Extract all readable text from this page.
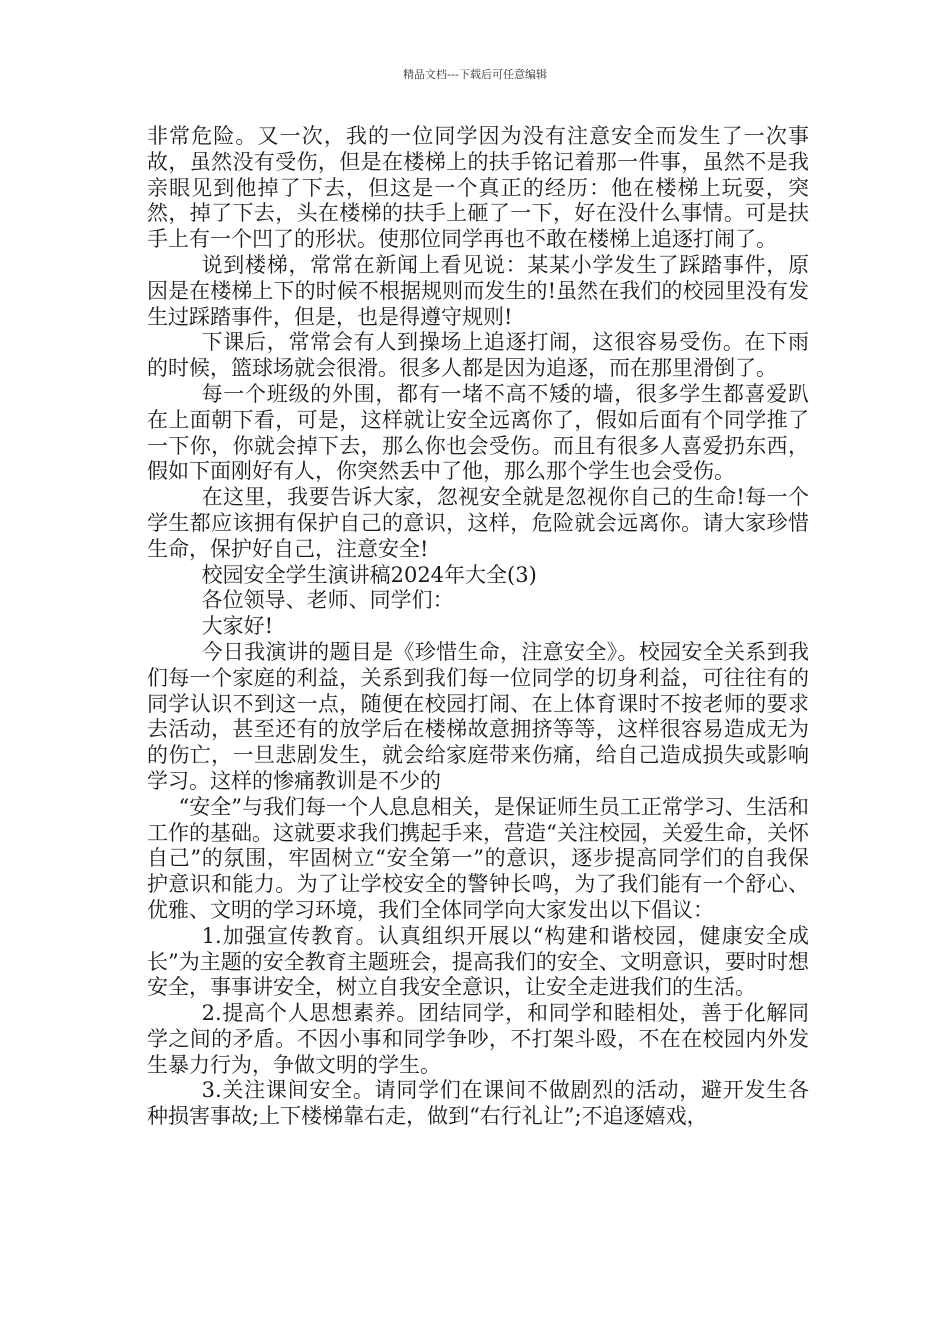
精品文档---下载后可任意编辑

非常危险。又一次，我的一位同学因为没有注意安全而发生了一次事故，虽然没有受伤，但是在楼梯上的扶手铭记着那一件事，虽然不是我亲眼见到他掉了下去，但这是一个真正的经历：他在楼梯上玩耍，突然，掉了下去，头在楼梯的扶手上砸了一下，好在没什么事情。可是扶手上有一个凹了的形状。使那位同学再也不敢在楼梯上追逐打闹了。

说到楼梯，常常在新闻上看见说：某某小学发生了踩踏事件，原因是在楼梯上下的时候不根据规则而发生的!虽然在我们的校园里没有发生过踩踏事件，但是，也是得遵守规则!

下课后，常常会有人到操场上追逐打闹，这很容易受伤。在下雨的时候，篮球场就会很滑。很多人都是因为追逐，而在那里滑倒了。

每一个班级的外围，都有一堵不高不矮的墙，很多学生都喜爱趴在上面朝下看，可是，这样就让安全远离你了，假如后面有个同学推了一下你，你就会掉下去，那么你也会受伤。而且有很多人喜爱扔东西，假如下面刚好有人，你突然丢中了他，那么那个学生也会受伤。

在这里，我要告诉大家，忽视安全就是忽视你自己的生命!每一个学生都应该拥有保护自己的意识，这样，危险就会远离你。请大家珍惜生命，保护好自己，注意安全!

校园安全学生演讲稿2024年大全(3)

各位领导、老师、同学们：

大家好!

今日我演讲的题目是《珍惜生命，注意安全》。校园安全关系到我们每一个家庭的利益，关系到我们每一位同学的切身利益，可往往有的同学认识不到这一点，随便在校园打闹、在上体育课时不按老师的要求去活动，甚至还有的放学后在楼梯故意拥挤等等，这样很容易造成无为的伤亡，一旦悲剧发生，就会给家庭带来伤痛，给自己造成损失或影响学习。这样的惨痛教训是不少的

“安全”与我们每一个人息息相关，是保证师生员工正常学习、生活和工作的基础。这就要求我们携起手来，营造“关注校园，关爱生命，关怀自己”的氛围，牢固树立“安全第一”的意识，逐步提高同学们的自我保护意识和能力。为了让学校安全的警钟长鸣，为了我们能有一个舒心、优雅、文明的学习环境，我们全体同学向大家发出以下倡议：

1.加强宣传教育。认真组织开展以“构建和谐校园，健康安全成长”为主题的安全教育主题班会，提高我们的安全、文明意识，要时时想安全，事事讲安全，树立自我安全意识，让安全走进我们的生活。

2.提高个人思想素养。团结同学，和同学和睦相处，善于化解同学之间的矛盾。不因小事和同学争吵，不打架斗殴，不在在校园内外发生暴力行为，争做文明的学生。

3.关注课间安全。请同学们在课间不做剧烈的活动，避开发生各种损害事故;上下楼梯靠右走，做到“右行礼让”;不追逐嬉戏，
